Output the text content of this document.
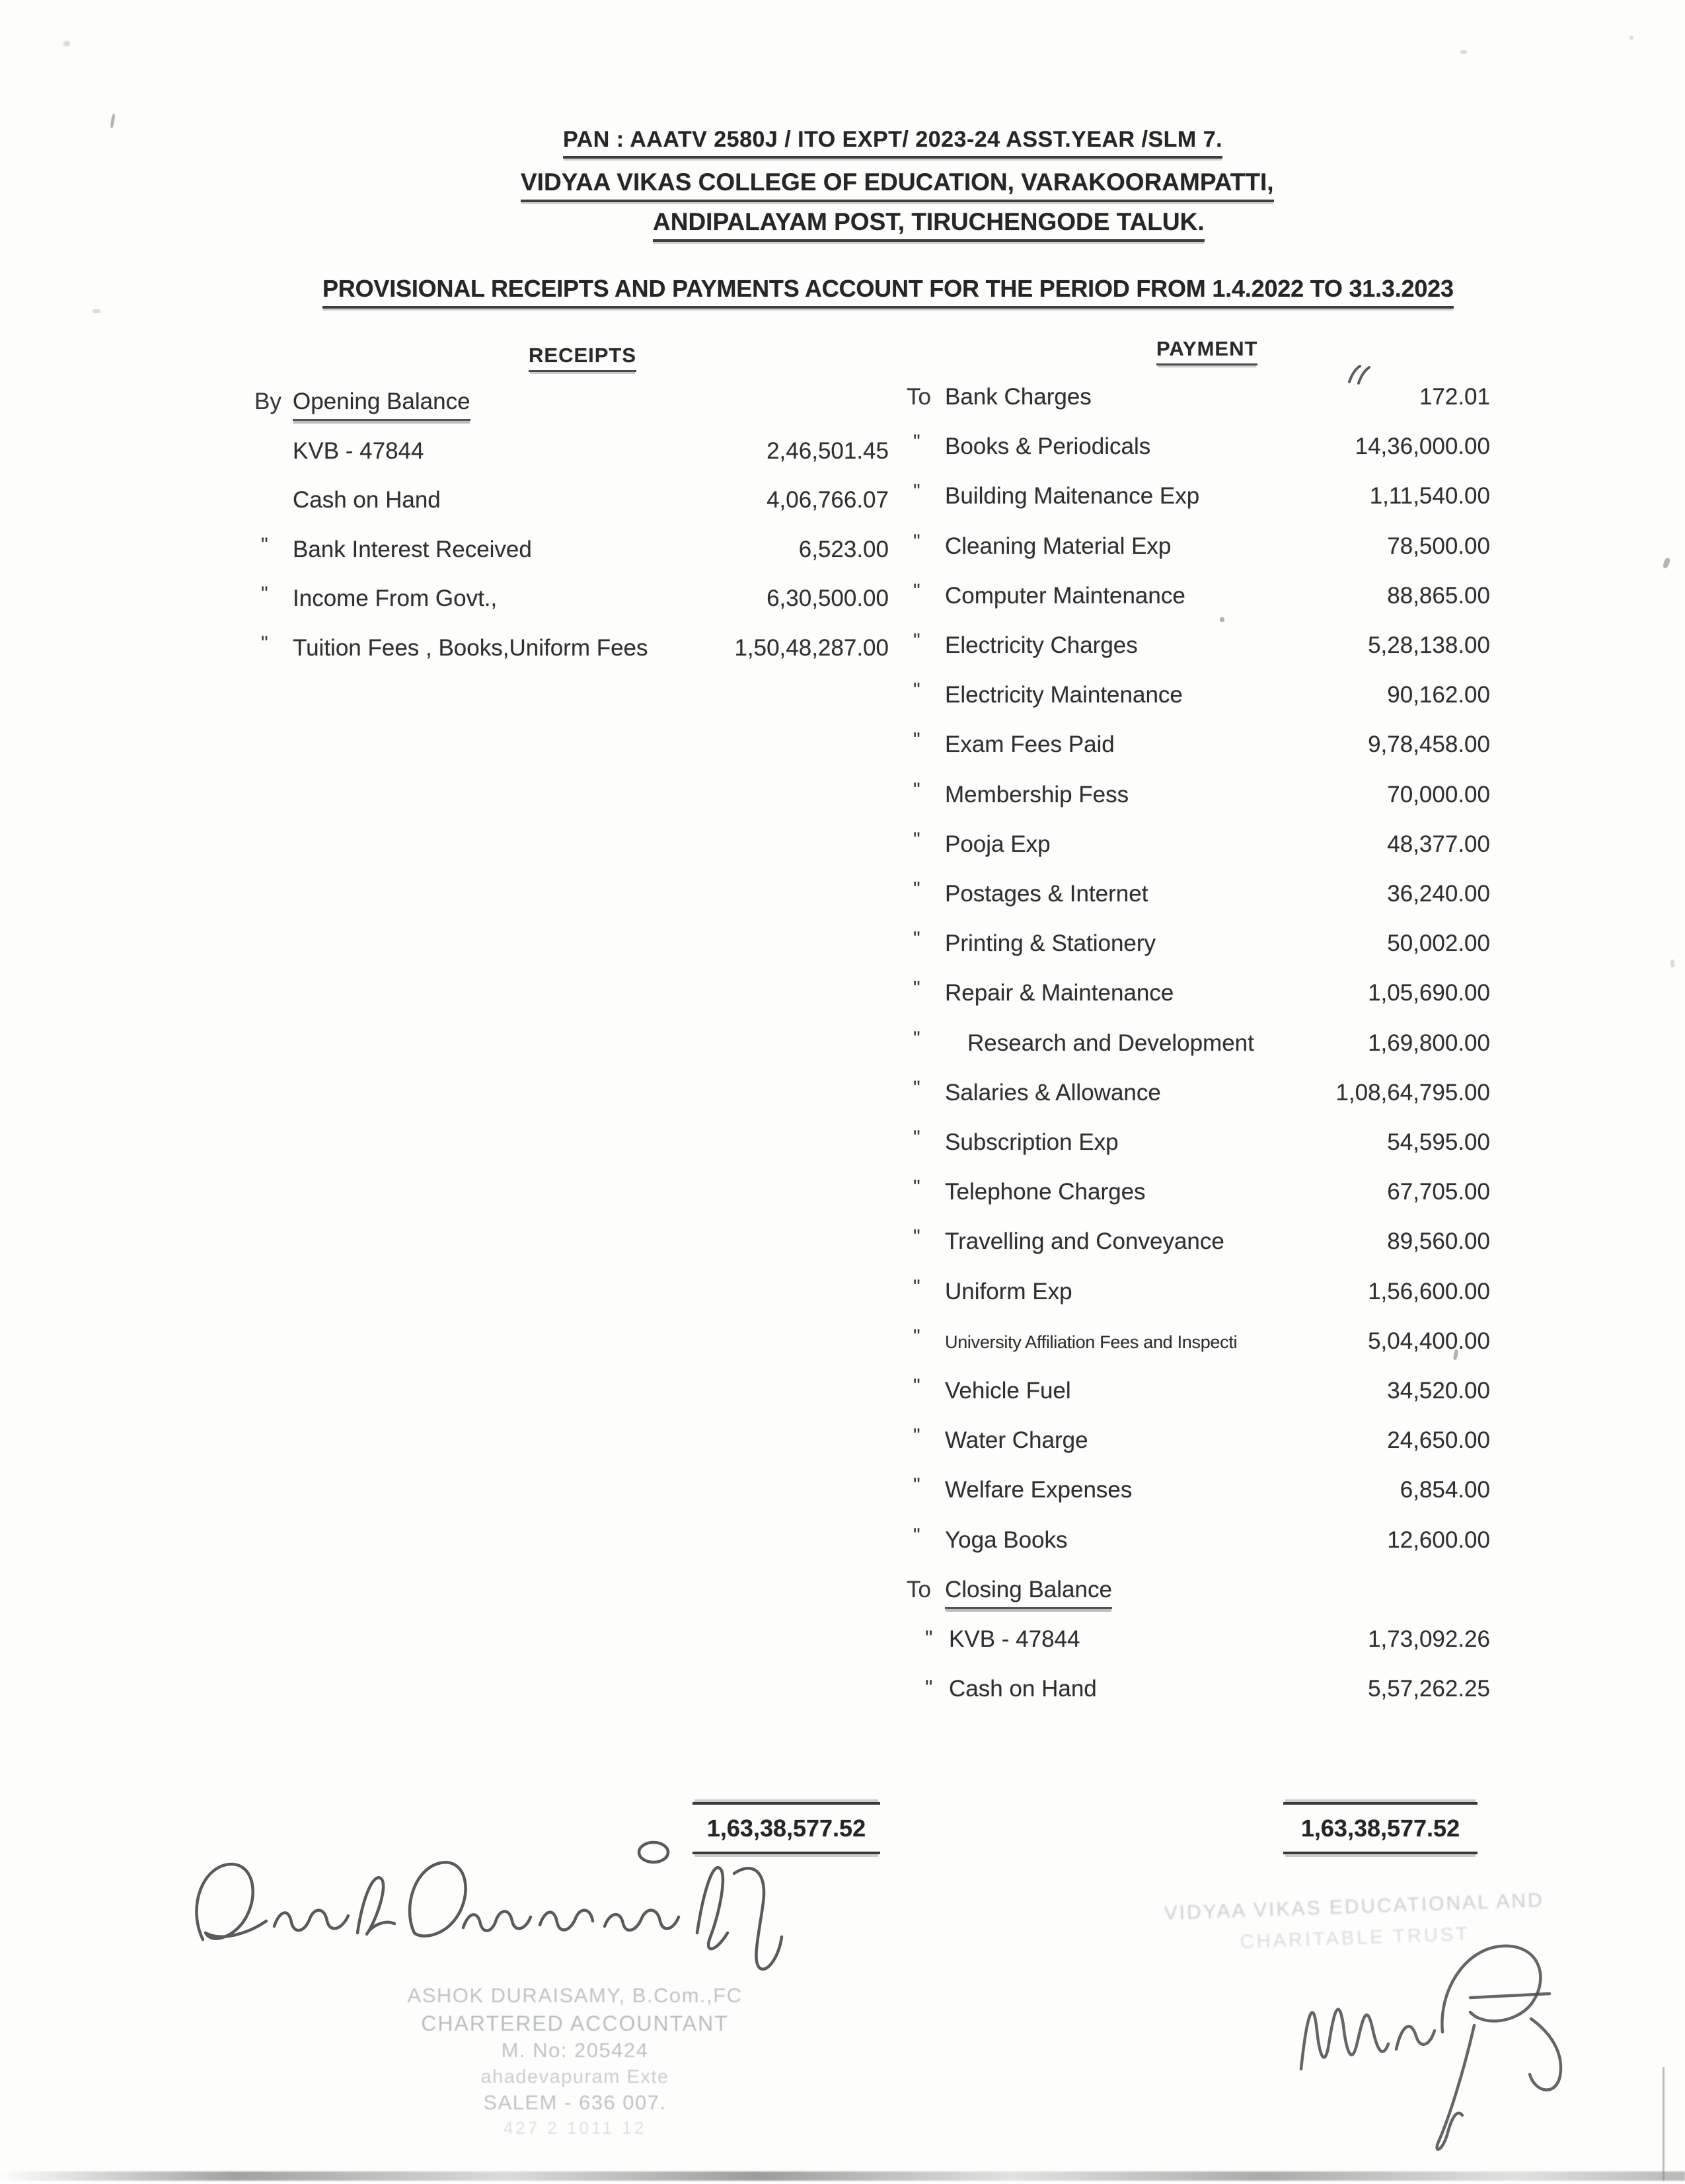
PAN : AAATV 2580J / ITO EXPT/ 2023-24 ASST.YEAR /SLM 7.
VIDYAA VIKAS COLLEGE OF EDUCATION, VARAKOORAMPATTI,
ANDIPALAYAM POST, TIRUCHENGODE TALUK.
PROVISIONAL RECEIPTS AND PAYMENTS ACCOUNT FOR THE PERIOD FROM 1.4.2022 TO 31.3.2023
RECEIPTS	PAYMENT
By Opening Balance
KVB - 47844	2,46,501.45
Cash on Hand	4,06,766.07
" Bank Interest Received	6,523.00
" Income From Govt.,	6,30,500.00
" Tuition Fees , Books,Uniform Fees	1,50,48,287.00
To Bank Charges	172.01
" Books & Periodicals	14,36,000.00
" Building Maitenance Exp	1,11,540.00
" Cleaning Material Exp	78,500.00
" Computer Maintenance	88,865.00
" Electricity Charges	5,28,138.00
" Electricity Maintenance	90,162.00
" Exam Fees Paid	9,78,458.00
" Membership Fess	70,000.00
" Pooja Exp	48,377.00
" Postages & Internet	36,240.00
" Printing & Stationery	50,002.00
" Repair & Maintenance	1,05,690.00
" Research and Development	1,69,800.00
" Salaries & Allowance	1,08,64,795.00
" Subscription Exp	54,595.00
" Telephone Charges	67,705.00
" Travelling and Conveyance	89,560.00
" Uniform Exp	1,56,600.00
" University Affiliation Fees and Inspecti	5,04,400.00
" Vehicle Fuel	34,520.00
" Water Charge	24,650.00
" Welfare Expenses	6,854.00
" Yoga Books	12,600.00
To Closing Balance
" KVB - 47844	1,73,092.26
" Cash on Hand	5,57,262.25
1,63,38,577.52	1,63,38,577.52
ASHOK DURAISAMY, B.Com.,FC
CHARTERED ACCOUNTANT
M. No: 205424
ahadevapuram Exte
SALEM - 636 007.
427 2 1011 12
VIDYAA VIKAS EDUCATIONAL AND
CHARITABLE TRUST
